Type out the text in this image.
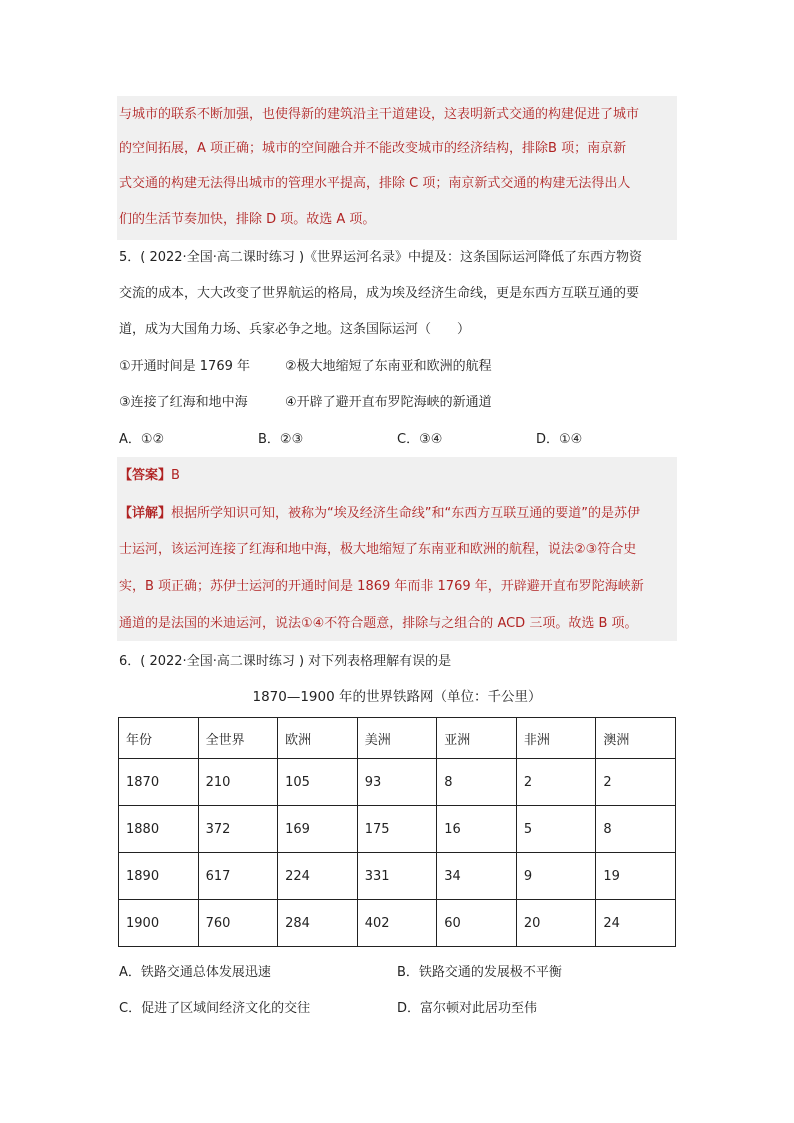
与城市的联系不断加强，也使得新的建筑沿主干道建设，这表明新式交通的构建促进了城市
的空间拓展，A 项正确；城市的空间融合并不能改变城市的经济结构，排除B 项；南京新
式交通的构建无法得出城市的管理水平提高，排除 C 项；南京新式交通的构建无法得出人
们的生活节奏加快，排除 D 项。故选 A 项。
5．( 2022·全国·高二课时练习 )《世界运河名录》中提及：这条国际运河降低了东西方物资
交流的成本，大大改变了世界航运的格局，成为埃及经济生命线，更是东西方互联互通的要
道，成为大国角力场、兵家必争之地。这条国际运河（　　）
①开通时间是 1769 年	②极大地缩短了东南亚和欧洲的航程
③连接了红海和地中海	④开辟了避开直布罗陀海峡的新通道
A．①②	B．②③	C．③④	D．①④
【答案】B
【详解】根据所学知识可知，被称为“埃及经济生命线”和“东西方互联互通的要道”的是苏伊
士运河，该运河连接了红海和地中海，极大地缩短了东南亚和欧洲的航程，说法②③符合史
实，B 项正确；苏伊士运河的开通时间是 1869 年而非 1769 年，开辟避开直布罗陀海峡新
通道的是法国的米迪运河，说法①④不符合题意，排除与之组合的 ACD 三项。故选 B 项。
6．( 2022·全国·高二课时练习 ) 对下列表格理解有误的是
1870—1900 年的世界铁路网（单位：千公里）
年份	全世界	欧洲	美洲	亚洲	非洲	澳洲
1870	210	105	93	8	2	2
1880	372	169	175	16	5	8
1890	617	224	331	34	9	19
1900	760	284	402	60	20	24
A．铁路交通总体发展迅速	B．铁路交通的发展极不平衡
C．促进了区域间经济文化的交往	D．富尔顿对此居功至伟
